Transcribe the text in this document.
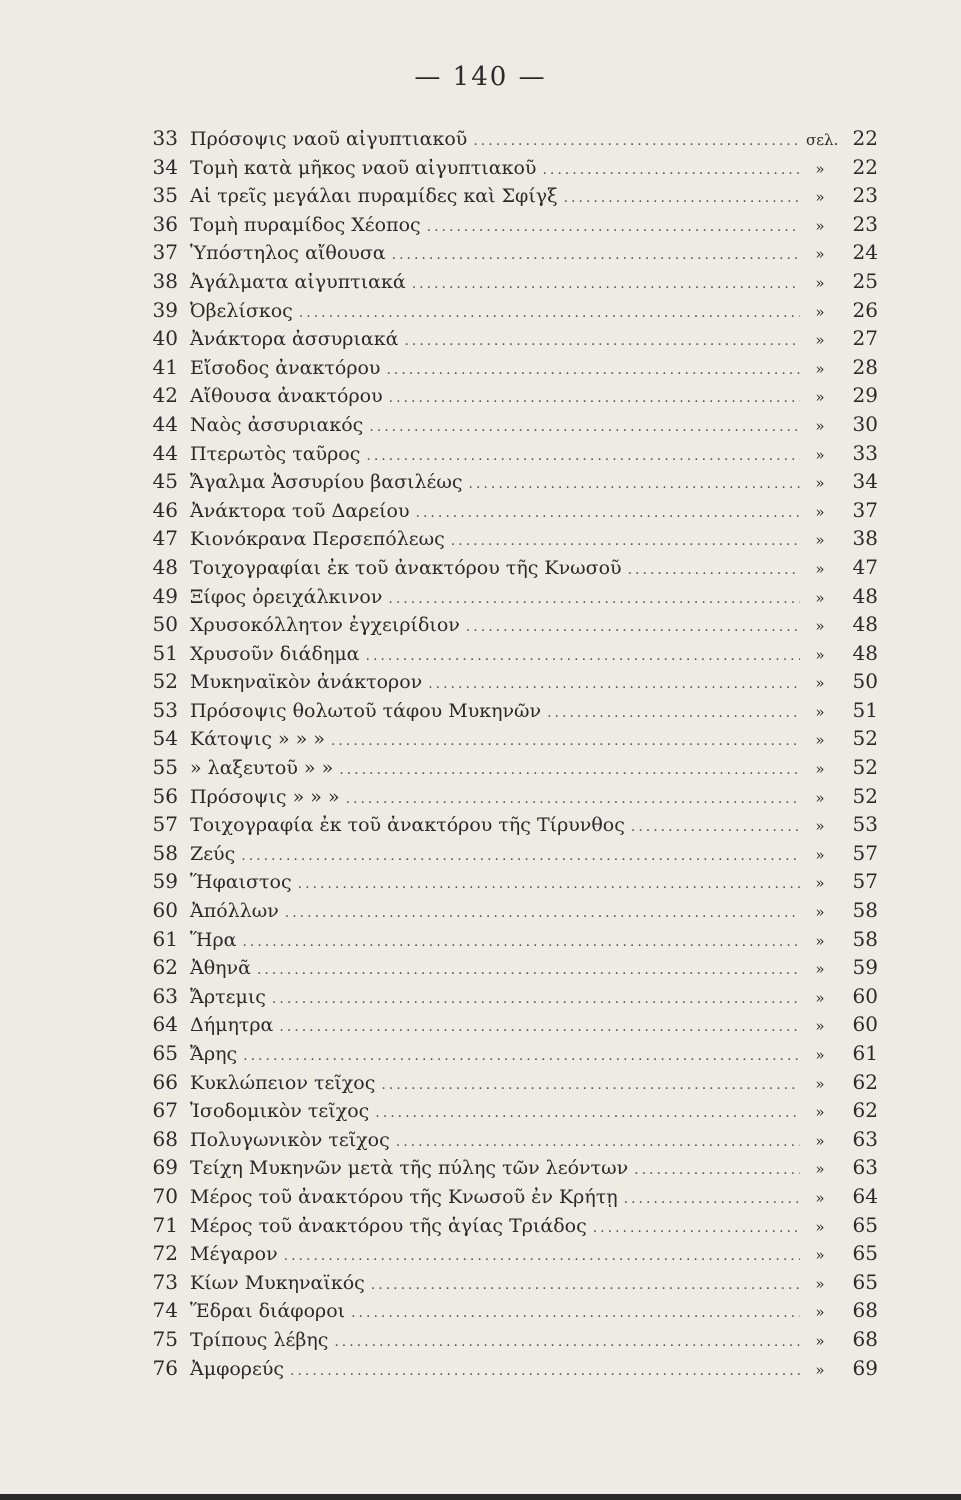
— 140 —
33 Πρόσοψις ναοῦ αἰγυπτιακοῦ .....	σελ. 22
34 Τομὴ κατὰ μῆκος ναοῦ αἰγυπτιακοῦ .....	»	22
35 Αἱ τρεῖς μεγάλαι πυραμίδες καὶ Σφίγξ .....	»	23
36 Τομὴ πυραμίδος Χέοπος .....	»	23
37 Ὑπόστηλος αἴθουσα .....	»	24
38 Ἀγάλματα αἰγυπτιακά .....	»	25
39 Ὀβελίσκος .....	»	26
40 Ἀνάκτορα ἀσσυριακά .....	»	27
41 Εἴσοδος ἀνακτόρου .....	»	28
42 Αἴθουσα ἀνακτόρου .....	»	29
44 Ναὸς ἀσσυριακός .....	»	30
44 Πτερωτὸς ταῦρος .....	»	33
45 Ἄγαλμα Ἀσσυρίου βασιλέως .....	»	34
46 Ἀνάκτορα τοῦ Δαρείου .....	»	37
47 Κιονόκρανα Περσεπόλεως .....	»	38
48 Τοιχογραφίαι ἐκ τοῦ ἀνακτόρου τῆς Κνωσοῦ .....	»	47
49 Ξίφος ὀρειχάλκινον .....	»	48
50 Χρυσοκόλλητον ἐγχειρίδιον .....	»	48
51 Χρυσοῦν διάδημα .....	»	48
52 Μυκηναϊκὸν ἀνάκτορον .....	»	50
53 Πρόσοψις θολωτοῦ τάφου Μυκηνῶν .....	»	51
54 Κάτοψις » » » .....	»	52
55 » λαξευτοῦ » » .....	»	52
56 Πρόσοψις » » » .....	»	52
57 Τοιχογραφία ἐκ τοῦ ἀνακτόρου τῆς Τίρυνθος .....	»	53
58 Ζεύς .....	»	57
59 Ἥφαιστος .....	»	57
60 Ἀπόλλων .....	»	58
61 Ἥρα .....	»	58
62 Ἀθηνᾶ .....	»	59
63 Ἄρτεμις .....	»	60
64 Δήμητρα .....	»	60
65 Ἄρης .....	»	61
66 Κυκλώπειον τεῖχος .....	»	62
67 Ἰσοδομικὸν τεῖχος .....	»	62
68 Πολυγωνικὸν τεῖχος .....	»	63
69 Τείχη Μυκηνῶν μετὰ τῆς πύλης τῶν λεόντων .....	»	63
70 Μέρος τοῦ ἀνακτόρου τῆς Κνωσοῦ ἐν Κρήτῃ .....	»	64
71 Μέρος τοῦ ἀνακτόρου τῆς ἁγίας Τριάδος .....	»	65
72 Μέγαρον .....	»	65
73 Κίων Μυκηναϊκός .....	»	65
74 Ἕδραι διάφοροι .....	»	68
75 Τρίπους λέβης .....	»	68
76 Ἀμφορεύς .....	»	69
